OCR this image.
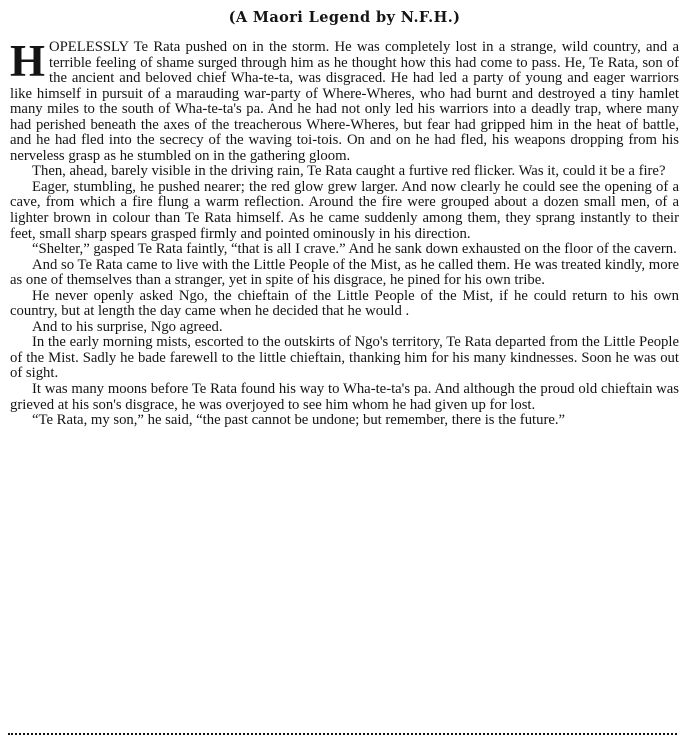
(A Maori Legend by N.F.H.)

HOPELESSLY Te Rata pushed on in the storm. He was completely lost in a strange, wild country, and a terrible feeling of shame surged through him as he thought how this had come to pass. He, Te Rata, son of the ancient and beloved chief Wha-te-ta, was disgraced. He had led a party of young and eager warriors like himself in pursuit of a marauding war-party of Where-Wheres, who had burnt and destroyed a tiny hamlet many miles to the south of Wha-te-ta's pa. And he had not only led his warriors into a deadly trap, where many had perished beneath the axes of the treacherous Where-Wheres, but fear had gripped him in the heat of battle, and he had fled into the secrecy of the waving toi-tois. On and on he had fled, his weapons dropping from his nerveless grasp as he stumbled on in the gathering gloom.

Then, ahead, barely visible in the driving rain, Te Rata caught a furtive red flicker. Was it, could it be a fire?

Eager, stumbling, he pushed nearer; the red glow grew larger. And now clearly he could see the opening of a cave, from which a fire flung a warm reflection. Around the fire were grouped about a dozen small men, of a lighter brown in colour than Te Rata himself. As he came suddenly among them, they sprang instantly to their feet, small sharp spears grasped firmly and pointed ominously in his direction.

“Shelter,” gasped Te Rata faintly, “that is all I crave.” And he sank down exhausted on the floor of the cavern.

And so Te Rata came to live with the Little People of the Mist, as he called them. He was treated kindly, more as one of themselves than a stranger, yet in spite of his disgrace, he pined for his own tribe.

He never openly asked Ngo, the chieftain of the Little People of the Mist, if he could return to his own country, but at length the day came when he decided that he would .

And to his surprise, Ngo agreed.

In the early morning mists, escorted to the outskirts of Ngo's territory, Te Rata departed from the Little People of the Mist. Sadly he bade farewell to the little chieftain, thanking him for his many kindnesses. Soon he was out of sight.

It was many moons before Te Rata found his way to Wha-te-ta's pa. And although the proud old chieftain was grieved at his son's disgrace, he was overjoyed to see him whom he had given up for lost.

“Te Rata, my son,” he said, “the past cannot be undone; but remember, there is the future.”
